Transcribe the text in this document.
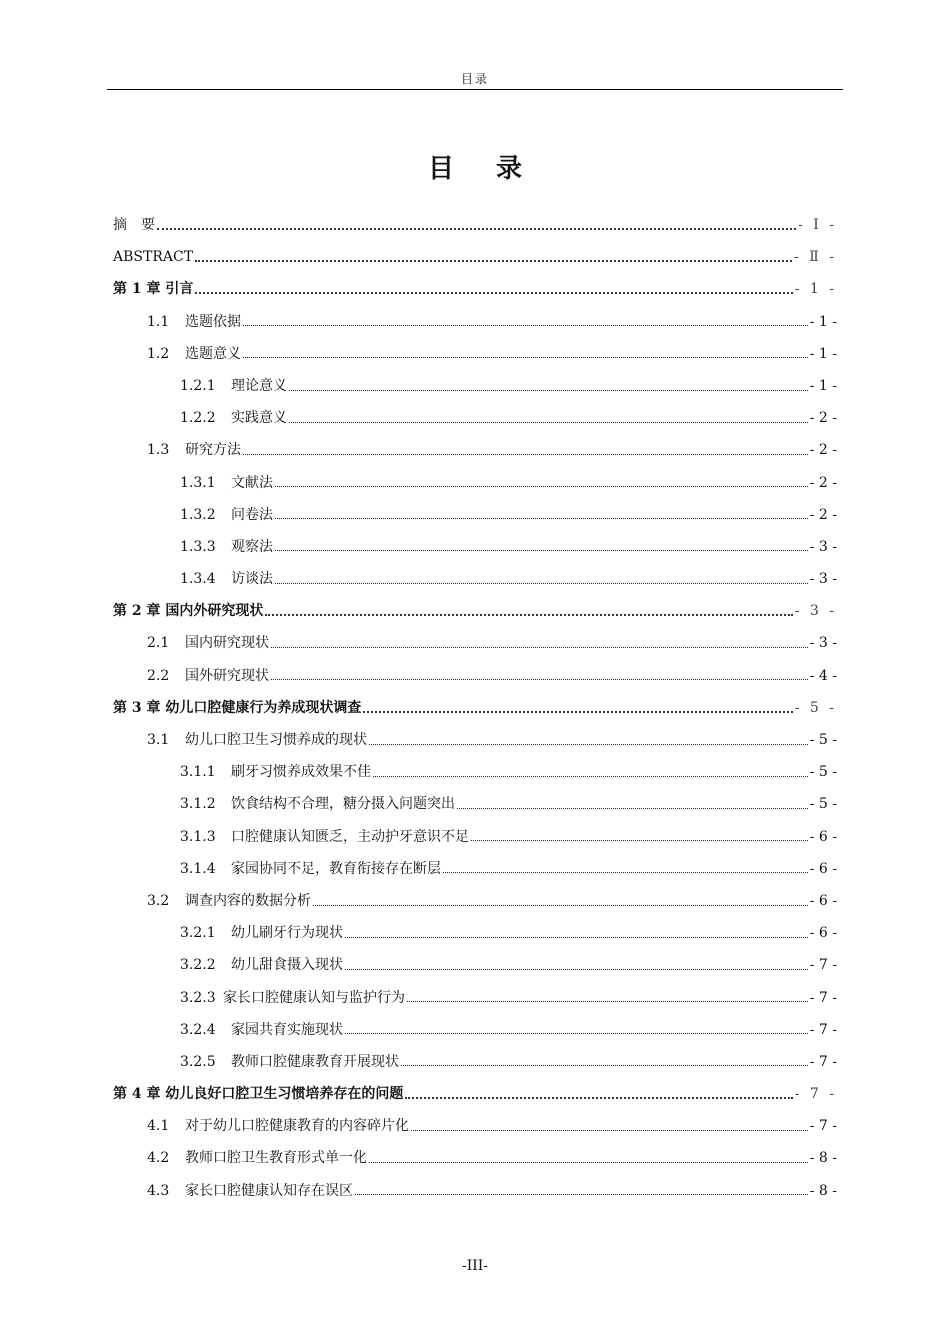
目录
目录
摘　要	- Ⅰ -
ABSTRACT	- Ⅱ -
第 1 章 引言	- 1 -
1.1	选题依据	- 1 -
1.2	选题意义	- 1 -
1.2.1	理论意义	- 1 -
1.2.2	实践意义	- 2 -
1.3	研究方法	- 2 -
1.3.1	文献法	- 2 -
1.3.2	问卷法	- 2 -
1.3.3	观察法	- 3 -
1.3.4	访谈法	- 3 -
第 2 章 国内外研究现状	- 3 -
2.1	国内研究现状	- 3 -
2.2	国外研究现状	- 4 -
第 3 章 幼儿口腔健康行为养成现状调查	- 5 -
3.1	幼儿口腔卫生习惯养成的现状	- 5 -
3.1.1	刷牙习惯养成效果不佳	- 5 -
3.1.2	饮食结构不合理，糖分摄入问题突出	- 5 -
3.1.3	口腔健康认知匮乏，主动护牙意识不足	- 6 -
3.1.4	家园协同不足，教育衔接存在断层	- 6 -
3.2	调查内容的数据分析	- 6 -
3.2.1	幼儿刷牙行为现状	- 6 -
3.2.2	幼儿甜食摄入现状	- 7 -
3.2.3 家长口腔健康认知与监护行为	- 7 -
3.2.4	家园共育实施现状	- 7 -
3.2.5	教师口腔健康教育开展现状	- 7 -
第 4 章 幼儿良好口腔卫生习惯培养存在的问题	- 7 -
4.1	对于幼儿口腔健康教育的内容碎片化	- 7 -
4.2	教师口腔卫生教育形式单一化	- 8 -
4.3	家长口腔健康认知存在误区	- 8 -
-III-
